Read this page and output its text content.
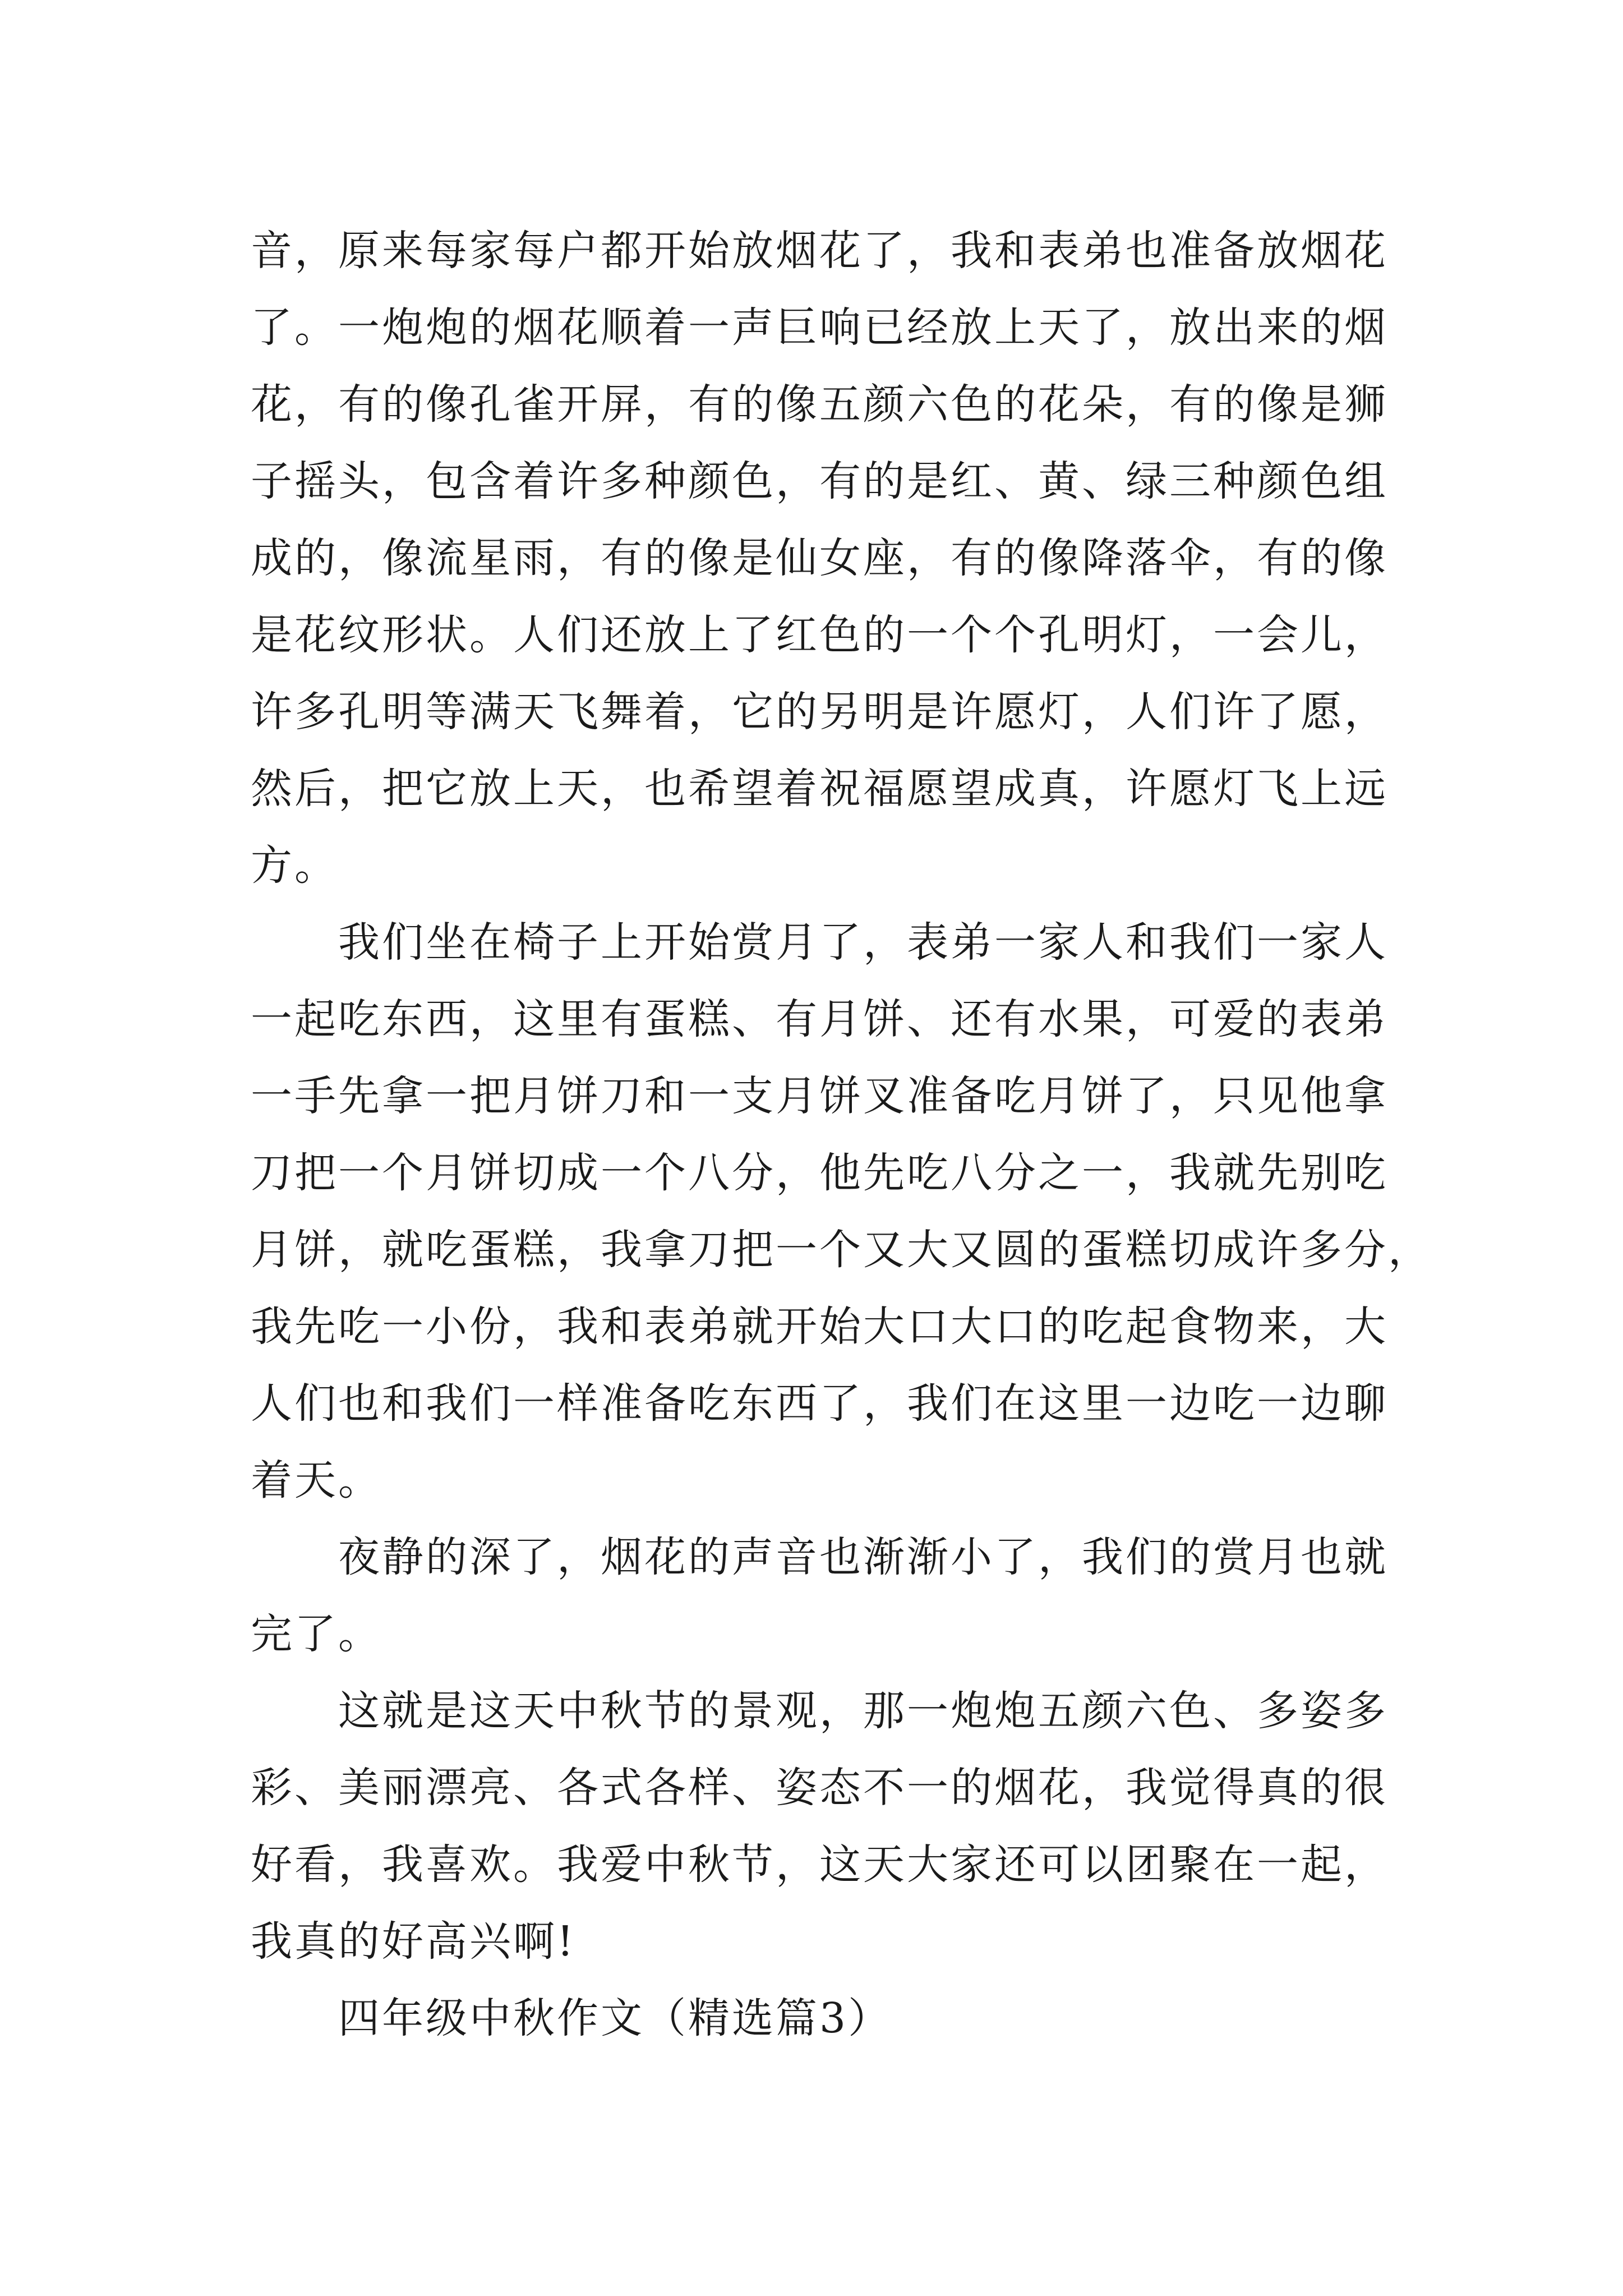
音，原来每家每户都开始放烟花了，我和表弟也准备放烟花
了。一炮炮的烟花顺着一声巨响已经放上天了，放出来的烟
花，有的像孔雀开屏，有的像五颜六色的花朵，有的像是狮
子摇头，包含着许多种颜色，有的是红、黄、绿三种颜色组
成的，像流星雨，有的像是仙女座，有的像降落伞，有的像
是花纹形状。人们还放上了红色的一个个孔明灯，一会儿，
许多孔明等满天飞舞着，它的另明是许愿灯，人们许了愿，
然后，把它放上天，也希望着祝福愿望成真，许愿灯飞上远
方。
我们坐在椅子上开始赏月了，表弟一家人和我们一家人
一起吃东西，这里有蛋糕、有月饼、还有水果，可爱的表弟
一手先拿一把月饼刀和一支月饼叉准备吃月饼了，只见他拿
刀把一个月饼切成一个八分，他先吃八分之一，我就先别吃
月饼，就吃蛋糕，我拿刀把一个又大又圆的蛋糕切成许多分，
我先吃一小份，我和表弟就开始大口大口的吃起食物来，大
人们也和我们一样准备吃东西了，我们在这里一边吃一边聊
着天。
夜静的深了，烟花的声音也渐渐小了，我们的赏月也就
完了。
这就是这天中秋节的景观，那一炮炮五颜六色、多姿多
彩、美丽漂亮、各式各样、姿态不一的烟花，我觉得真的很
好看，我喜欢。我爱中秋节，这天大家还可以团聚在一起，
我真的好高兴啊!
四年级中秋作文（精选篇3）
